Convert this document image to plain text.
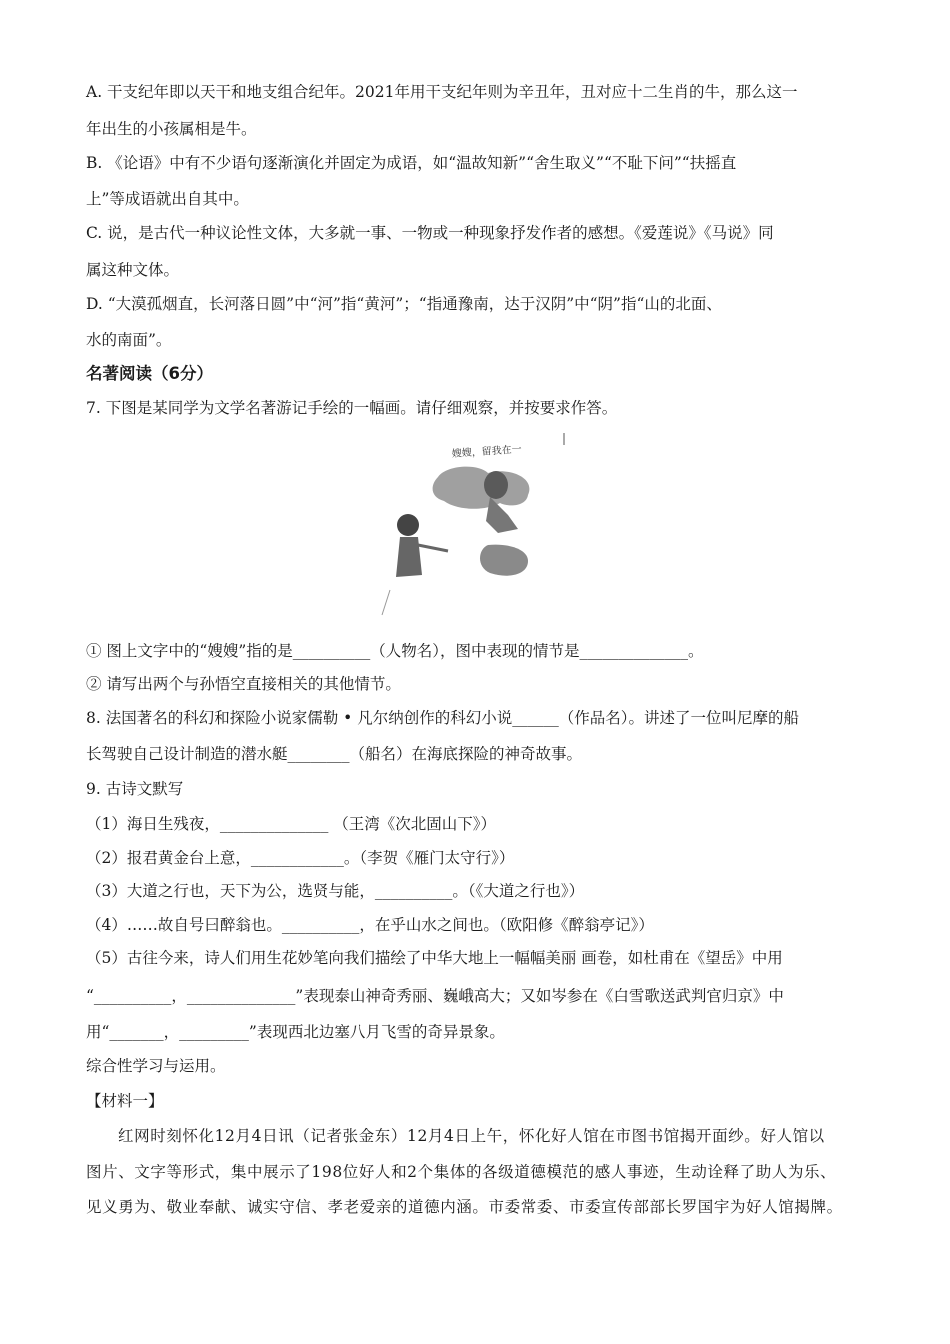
A. 干支纪年即以天干和地支组合纪年。2021年用干支纪年则为辛丑年，丑对应十二生肖的牛，那么这一
年出生的小孩属相是牛。
B. 《论语》中有不少语句逐渐演化并固定为成语，如“温故知新”“舍生取义”“不耻下问”“扶摇直
上”等成语就出自其中。
C. 说，是古代一种议论性文体，大多就一事、一物或一种现象抒发作者的感想。《爱莲说》《马说》同
属这种文体。
D. “大漠孤烟直，长河落日圆”中“河”指“黄河”；“指通豫南，达于汉阴”中“阴”指“山的北面、
水的南面”。
名著阅读（6分）
7. 下图是某同学为文学名著游记手绘的一幅画。请仔细观察，并按要求作答。
嫂嫂，留我在一
① 图上文字中的“嫂嫂”指的是__________（人物名），图中表现的情节是______________。
② 请写出两个与孙悟空直接相关的其他情节。
8. 法国著名的科幻和探险小说家儒勒 • 凡尔纳创作的科幻小说______（作品名）。讲述了一位叫尼摩的船
长驾驶自己设计制造的潜水艇________（船名）在海底探险的神奇故事。
9. 古诗文默写
（1）海日生残夜，______________ （王湾《次北固山下》）
（2）报君黄金台上意，____________。（李贺《雁门太守行》）
（3）大道之行也，天下为公，选贤与能，__________。（《大道之行也》）
（4）……故自号曰醉翁也。__________，在乎山水之间也。（欧阳修《醉翁亭记》）
（5）古往今来，诗人们用生花妙笔向我们描绘了中华大地上一幅幅美丽 画卷，如杜甫在《望岳》中用
“__________，______________”表现泰山神奇秀丽、巍峨高大；又如岑参在《白雪歌送武判官归京》中
用“_______，_________”表现西北边塞八月飞雪的奇异景象。
综合性学习与运用。
【材料一】
红网时刻怀化12月4日讯（记者张金东）12月4日上午，怀化好人馆在市图书馆揭开面纱。好人馆以
图片、文字等形式，集中展示了198位好人和2个集体的各级道德模范的感人事迹，生动诠释了助人为乐、
见义勇为、敬业奉献、诚实守信、孝老爱亲的道德内涵。市委常委、市委宣传部部长罗国宇为好人馆揭牌。
